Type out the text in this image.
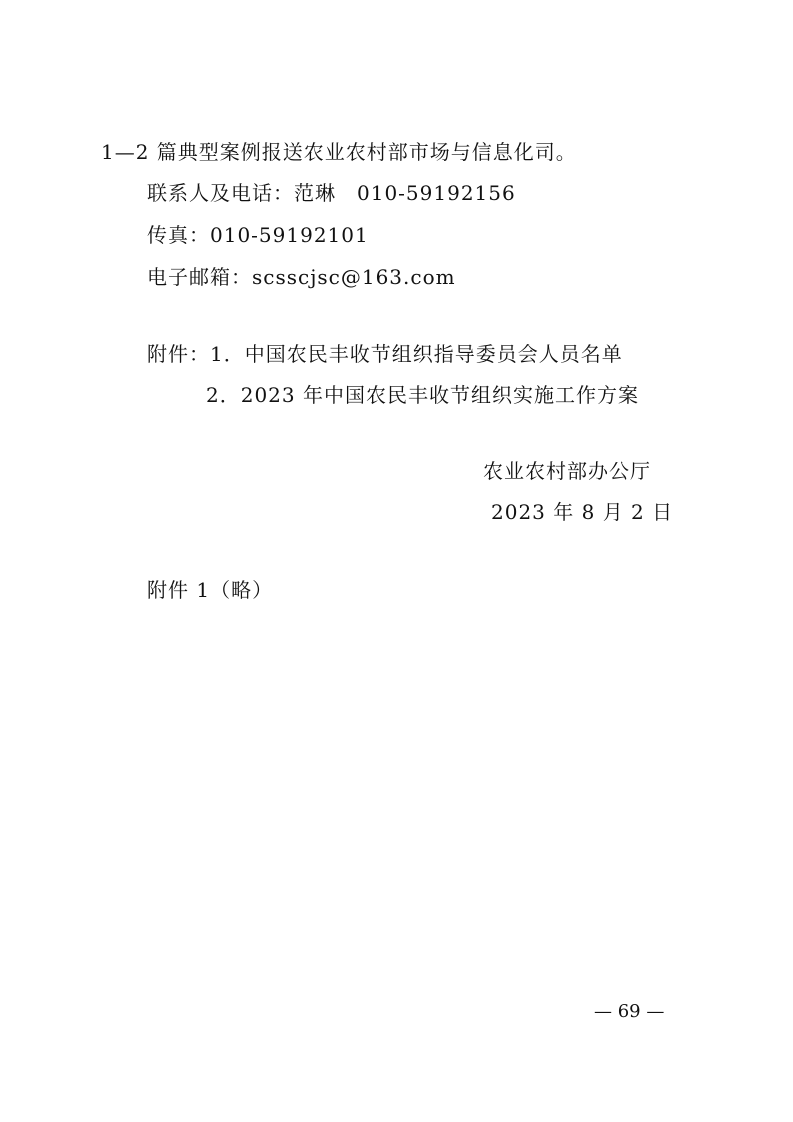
1—2 篇典型案例报送农业农村部市场与信息化司。
联系人及电话：范琳　010-59192156
传真：010-59192101
电子邮箱：scsscjsc@163.com
附件：1．中国农民丰收节组织指导委员会人员名单
2．2023 年中国农民丰收节组织实施工作方案
农业农村部办公厅
2023 年 8 月 2 日
附件 1（略）
— 69 —
